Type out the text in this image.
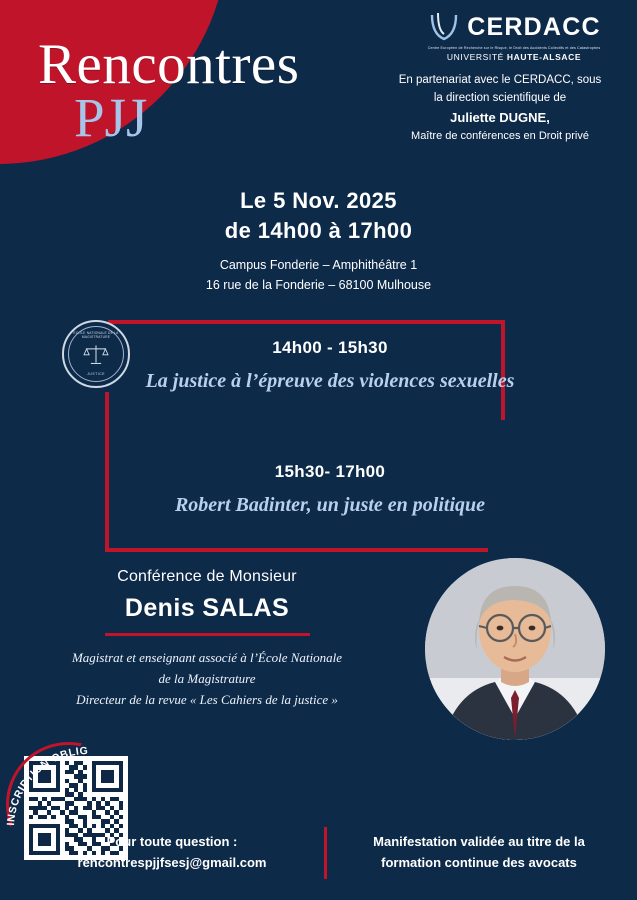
Rencontres
PJJ
CERDACC
Centre Européen de Recherche sur le Risque, le Droit des Accidents Collectifs et des Catastrophes
UNIVERSITÉ HAUTE-ALSACE
En partenariat avec le CERDACC, sous
la direction scientifique de
Juliette DUGNE,
Maître de conférences en Droit privé
Le 5 Nov. 2025
de 14h00 à 17h00
Campus Fonderie – Amphithéâtre 1
16 rue de la Fonderie – 68100 Mulhouse
ECOLE NATIONALE DE LA MAGISTRATURE
JUSTICE
14h00 - 15h30
La justice à l’épreuve des violences sexuelles
15h30- 17h00
Robert Badinter, un juste en politique
Conférence de Monsieur
Denis SALAS
Magistrat et enseignant associé à l’École Nationale
de la Magistrature
Directeur de la revue « Les Cahiers de la justice »
INSCRIPTION OBLIGATOIRE
Pour toute question :
rencontrespjjfsesj@gmail.com
Manifestation validée au titre de la
formation continue des avocats
